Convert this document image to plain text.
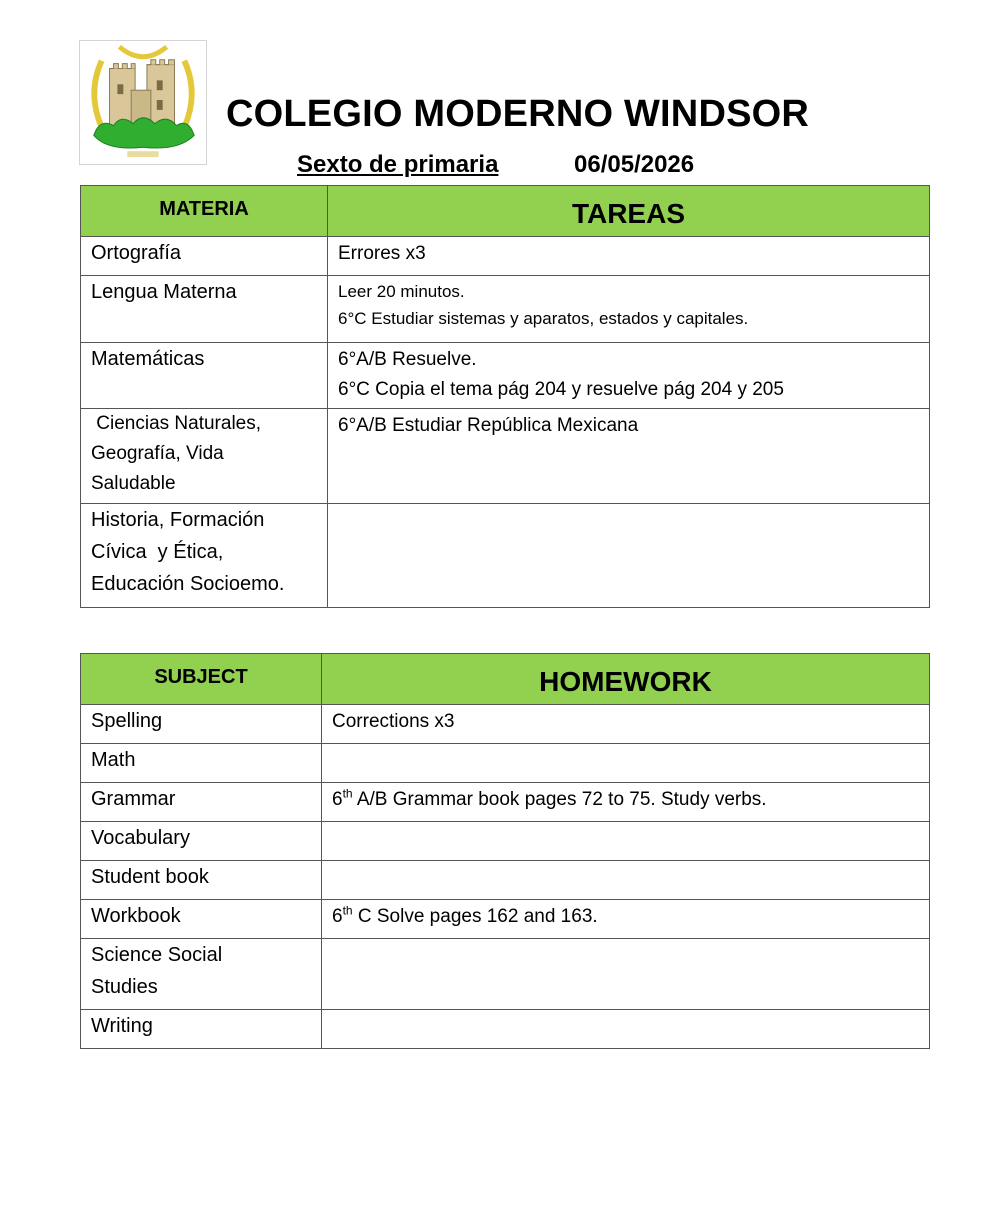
COLEGIO MODERNO WINDSOR
Sexto de primaria	06/05/2026
MATERIA	TAREAS

Ortografía	Errores x3

Lengua Materna	Leer 20 minutos.
6°C Estudiar sistemas y aparatos, estados y capitales.

Matemáticas	6°A/B Resuelve.
6°C Copia el tema pág 204 y resuelve pág 204 y 205

Ciencias Naturales,
Geografía, Vida
Saludable	6°A/B Estudiar República Mexicana

Historia, Formación
Cívica  y Ética,
Educación Socioemo.	

SUBJECT	HOMEWORK

Spelling	Corrections x3

Math	

Grammar	6th A/B Grammar book pages 72 to 75. Study verbs.

Vocabulary	

Student book	

Workbook	6th C Solve pages 162 and 163.

Science Social
Studies	

Writing	
